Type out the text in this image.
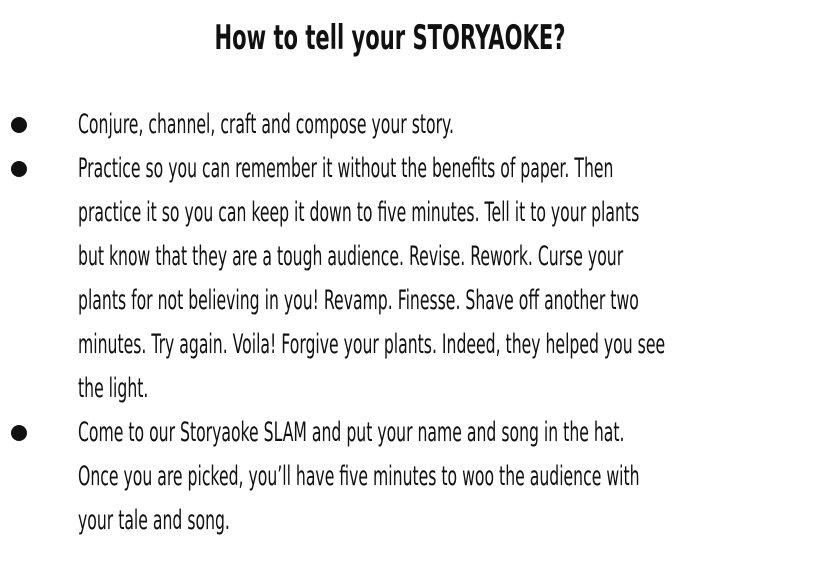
How to tell your STORYAOKE?
Conjure, channel, craft and compose your story.
Practice so you can remember it without the benefits of paper. Then
practice it so you can keep it down to five minutes. Tell it to your plants
but know that they are a tough audience. Revise. Rework. Curse your
plants for not believing in you! Revamp. Finesse. Shave off another two
minutes. Try again. Voila! Forgive your plants. Indeed, they helped you see
the light.
Come to our Storyaoke SLAM and put your name and song in the hat.
Once you are picked, you’ll have five minutes to woo the audience with
your tale and song.
